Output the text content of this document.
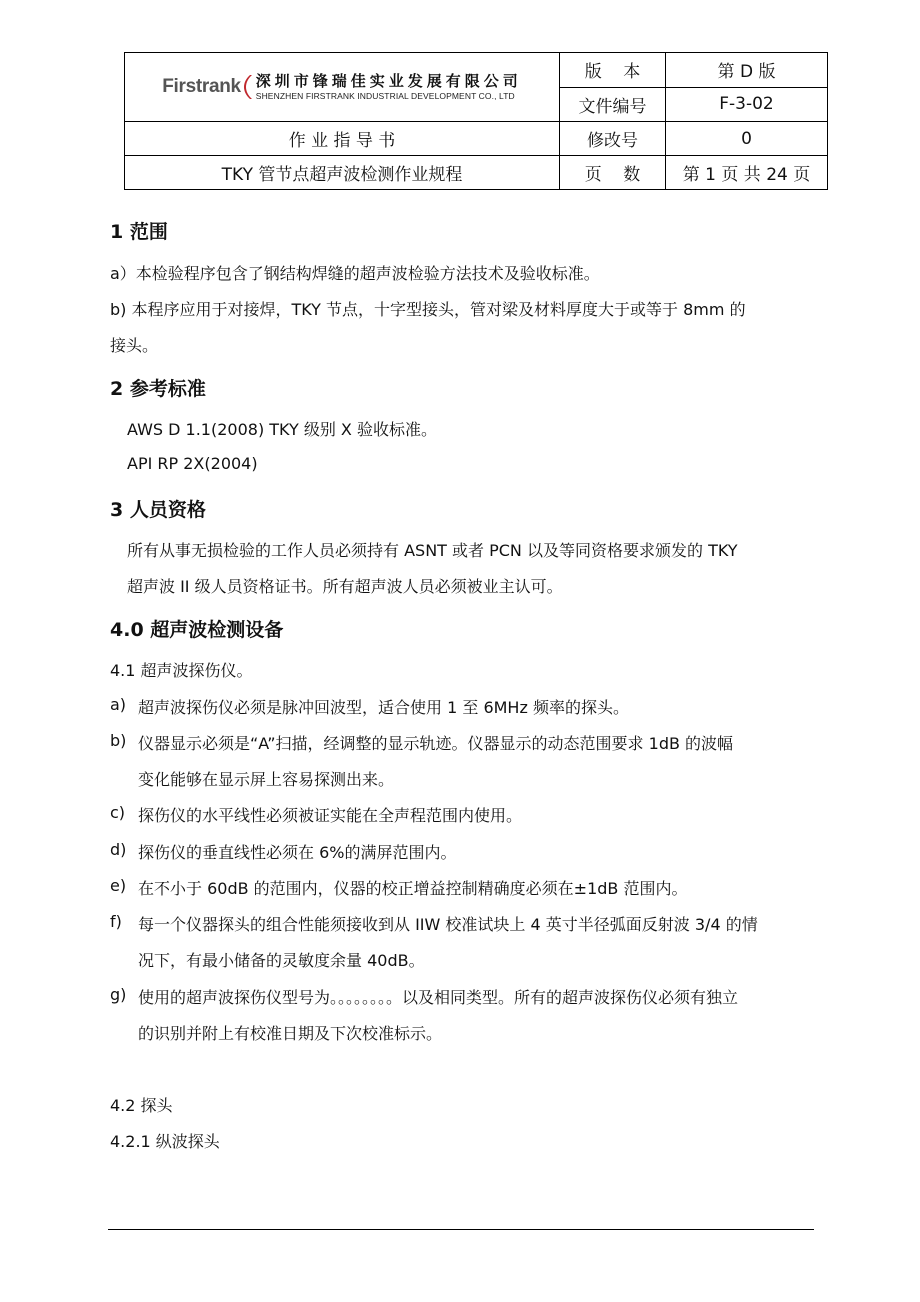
Firstrank 深圳市锋瑞佳实业发展有限公司
SHENZHEN FIRSTRANK INDUSTRIAL DEVELOPMENT CO., LTD	版    本	第 D 版
	文件编号	F-3-02
作 业 指 导 书	修改号	0
TKY 管节点超声波检测作业规程	页    数	第 1 页 共 24 页
1 范围

a）本检验程序包含了钢结构焊缝的超声波检验方法技术及验收标准。

b) 本程序应用于对接焊，TKY 节点，十字型接头，管对梁及材料厚度大于或等于 8mm 的

接头。

2 参考标准

AWS D 1.1(2008) TKY 级别 X 验收标准。

API RP 2X(2004)

3 人员资格

所有从事无损检验的工作人员必须持有 ASNT 或者 PCN 以及等同资格要求颁发的 TKY

超声波 II 级人员资格证书。所有超声波人员必须被业主认可。

4.0 超声波检测设备

4.1 超声波探伤仪。

a) 超声波探伤仪必须是脉冲回波型，适合使用 1 至 6MHz 频率的探头。
b) 仪器显示必须是“A”扫描，经调整的显示轨迹。仪器显示的动态范围要求 1dB 的波幅
变化能够在显示屏上容易探测出来。
c) 探伤仪的水平线性必须被证实能在全声程范围内使用。
d) 探伤仪的垂直线性必须在 6%的满屏范围内。
e) 在不小于 60dB 的范围内，仪器的校正增益控制精确度必须在±1dB 范围内。
f) 每一个仪器探头的组合性能须接收到从 IIW 校准试块上 4 英寸半径弧面反射波 3/4 的情
况下，有最小储备的灵敏度余量 40dB。
g) 使用的超声波探伤仪型号为。。。。。。。。以及相同类型。所有的超声波探伤仪必须有独立
的识别并附上有校准日期及下次校准标示。

4.2 探头

4.2.1 纵波探头
